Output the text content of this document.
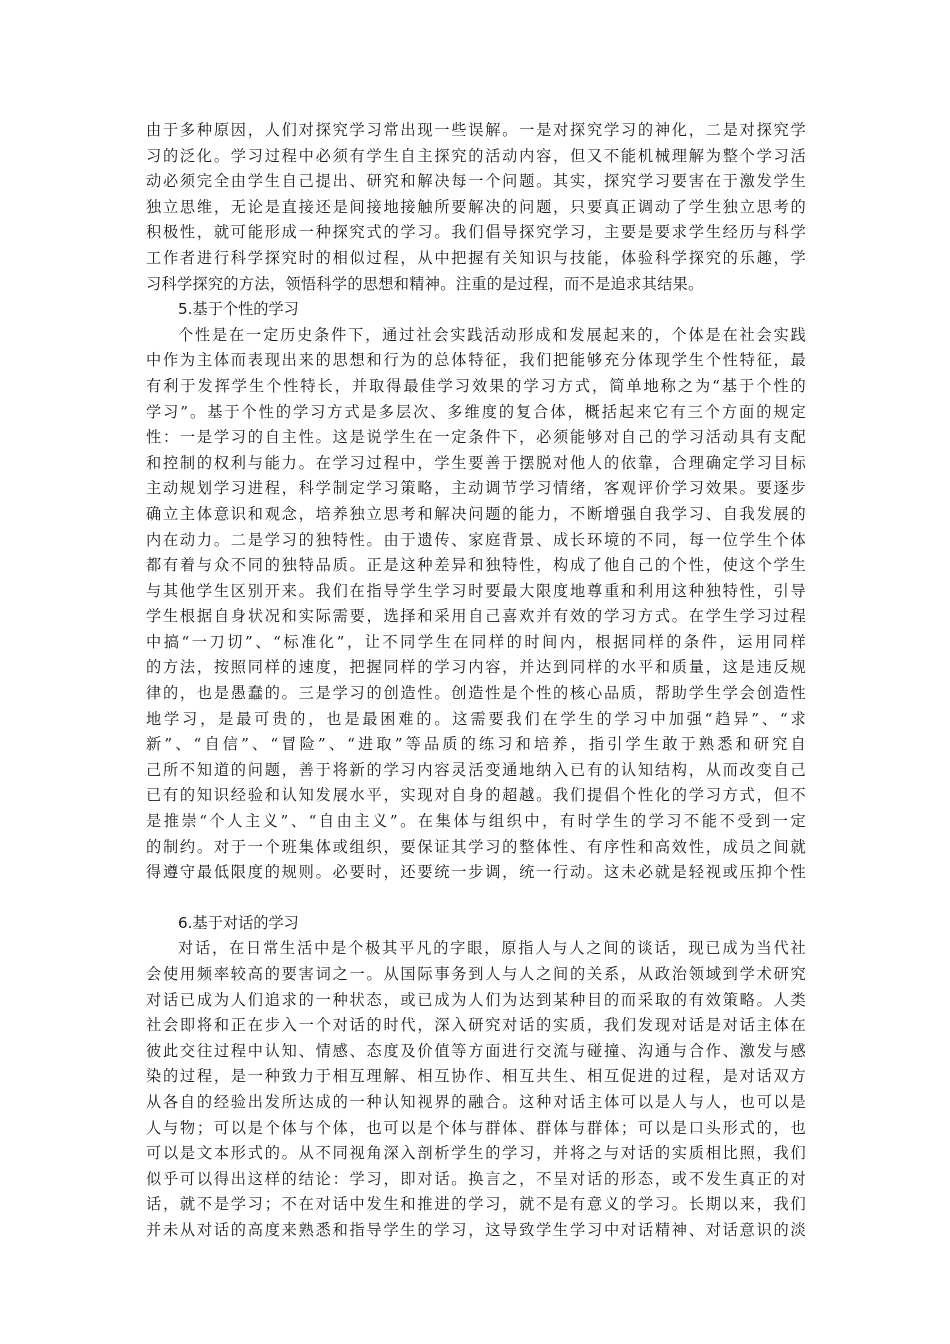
由于多种原因，人们对探究学习常出现一些误解。一是对探究学习的神化，二是对探究学
习的泛化。学习过程中必须有学生自主探究的活动内容，但又不能机械理解为整个学习活
动必须完全由学生自己提出、研究和解决每一个问题。其实，探究学习要害在于激发学生
独立思维，无论是直接还是间接地接触所要解决的问题，只要真正调动了学生独立思考的
积极性，就可能形成一种探究式的学习。我们倡导探究学习，主要是要求学生经历与科学
工作者进行科学探究时的相似过程，从中把握有关知识与技能，体验科学探究的乐趣，学
习科学探究的方法，领悟科学的思想和精神。注重的是过程，而不是追求其结果。
5.基于个性的学习
个性是在一定历史条件下，通过社会实践活动形成和发展起来的，个体是在社会实践
中作为主体而表现出来的思想和行为的总体特征，我们把能够充分体现学生个性特征，最
有利于发挥学生个性特长，并取得最佳学习效果的学习方式，简单地称之为“基于个性的
学习”。基于个性的学习方式是多层次、多维度的复合体，概括起来它有三个方面的规定
性：一是学习的自主性。这是说学生在一定条件下，必须能够对自己的学习活动具有支配
和控制的权利与能力。在学习过程中，学生要善于摆脱对他人的依靠，合理确定学习目标
主动规划学习进程，科学制定学习策略，主动调节学习情绪，客观评价学习效果。要逐步
确立主体意识和观念，培养独立思考和解决问题的能力，不断增强自我学习、自我发展的
内在动力。二是学习的独特性。由于遗传、家庭背景、成长环境的不同，每一位学生个体
都有着与众不同的独特品质。正是这种差异和独特性，构成了他自己的个性，使这个学生
与其他学生区别开来。我们在指导学生学习时要最大限度地尊重和利用这种独特性，引导
学生根据自身状况和实际需要，选择和采用自己喜欢并有效的学习方式。在学生学习过程
中搞“一刀切”、“标准化”，让不同学生在同样的时间内，根据同样的条件，运用同样
的方法，按照同样的速度，把握同样的学习内容，并达到同样的水平和质量，这是违反规
律的，也是愚蠢的。三是学习的创造性。创造性是个性的核心品质，帮助学生学会创造性
地学习，是最可贵的，也是最困难的。这需要我们在学生的学习中加强“趋异”、“求
新”、“自信”、“冒险”、“进取”等品质的练习和培养，指引学生敢于熟悉和研究自
己所不知道的问题，善于将新的学习内容灵活变通地纳入已有的认知结构，从而改变自己
已有的知识经验和认知发展水平，实现对自身的超越。我们提倡个性化的学习方式，但不
是推崇“个人主义”、“自由主义”。在集体与组织中，有时学生的学习不能不受到一定
的制约。对于一个班集体或组织，要保证其学习的整体性、有序性和高效性，成员之间就
得遵守最低限度的规则。必要时，还要统一步调，统一行动。这未必就是轻视或压抑个性
6.基于对话的学习
对话，在日常生活中是个极其平凡的字眼，原指人与人之间的谈话，现已成为当代社
会使用频率较高的要害词之一。从国际事务到人与人之间的关系，从政治领域到学术研究
对话已成为人们追求的一种状态，或已成为人们为达到某种目的而采取的有效策略。人类
社会即将和正在步入一个对话的时代，深入研究对话的实质，我们发现对话是对话主体在
彼此交往过程中认知、情感、态度及价值等方面进行交流与碰撞、沟通与合作、激发与感
染的过程，是一种致力于相互理解、相互协作、相互共生、相互促进的过程，是对话双方
从各自的经验出发所达成的一种认知视界的融合。这种对话主体可以是人与人，也可以是
人与物；可以是个体与个体，也可以是个体与群体、群体与群体；可以是口头形式的，也
可以是文本形式的。从不同视角深入剖析学生的学习，并将之与对话的实质相比照，我们
似乎可以得出这样的结论：学习，即对话。换言之，不呈对话的形态，或不发生真正的对
话，就不是学习；不在对话中发生和推进的学习，就不是有意义的学习。长期以来，我们
并未从对话的高度来熟悉和指导学生的学习，这导致学生学习中对话精神、对话意识的淡
